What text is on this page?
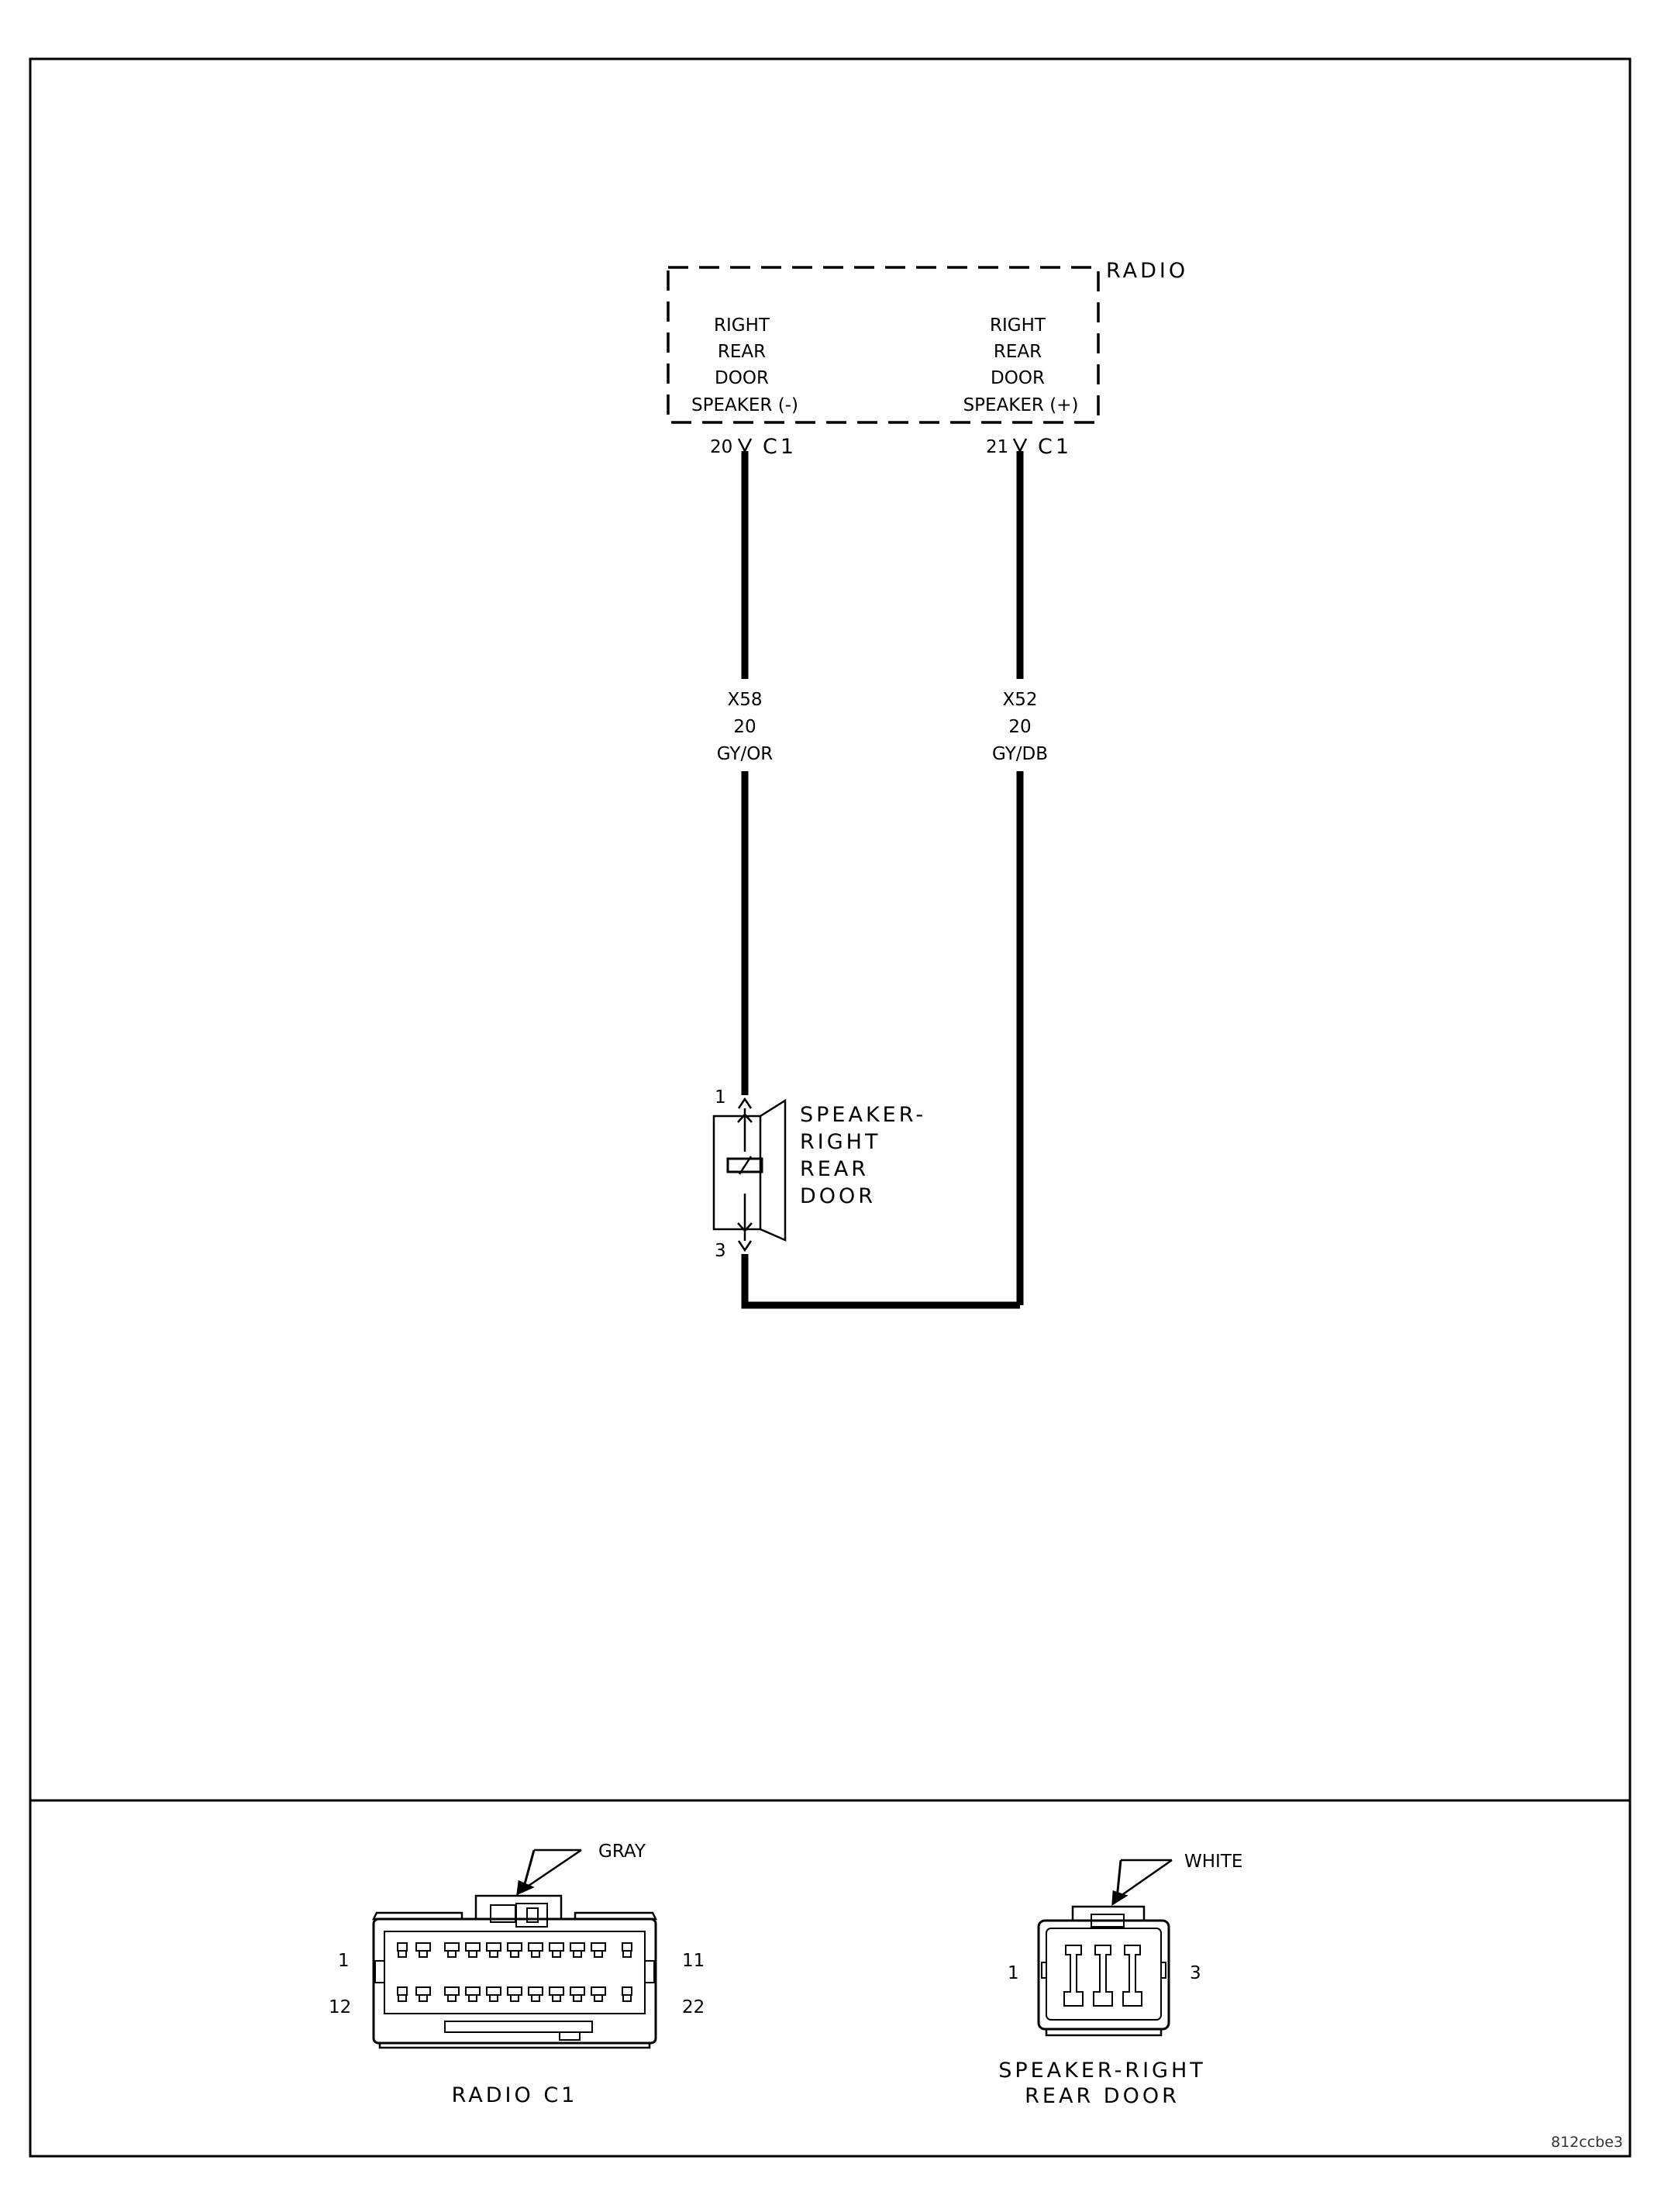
RADIO
RIGHT
REAR
DOOR
SPEAKER (-)
RIGHT
REAR
DOOR
SPEAKER (+)
20 C1	21 C1
X58
20
GY/OR
X52
20
GY/DB
1
3
SPEAKER-
RIGHT
REAR
DOOR
GRAY
1	11
12	22
RADIO C1
WHITE
1	3
SPEAKER-RIGHT
REAR DOOR
812ccbe3
